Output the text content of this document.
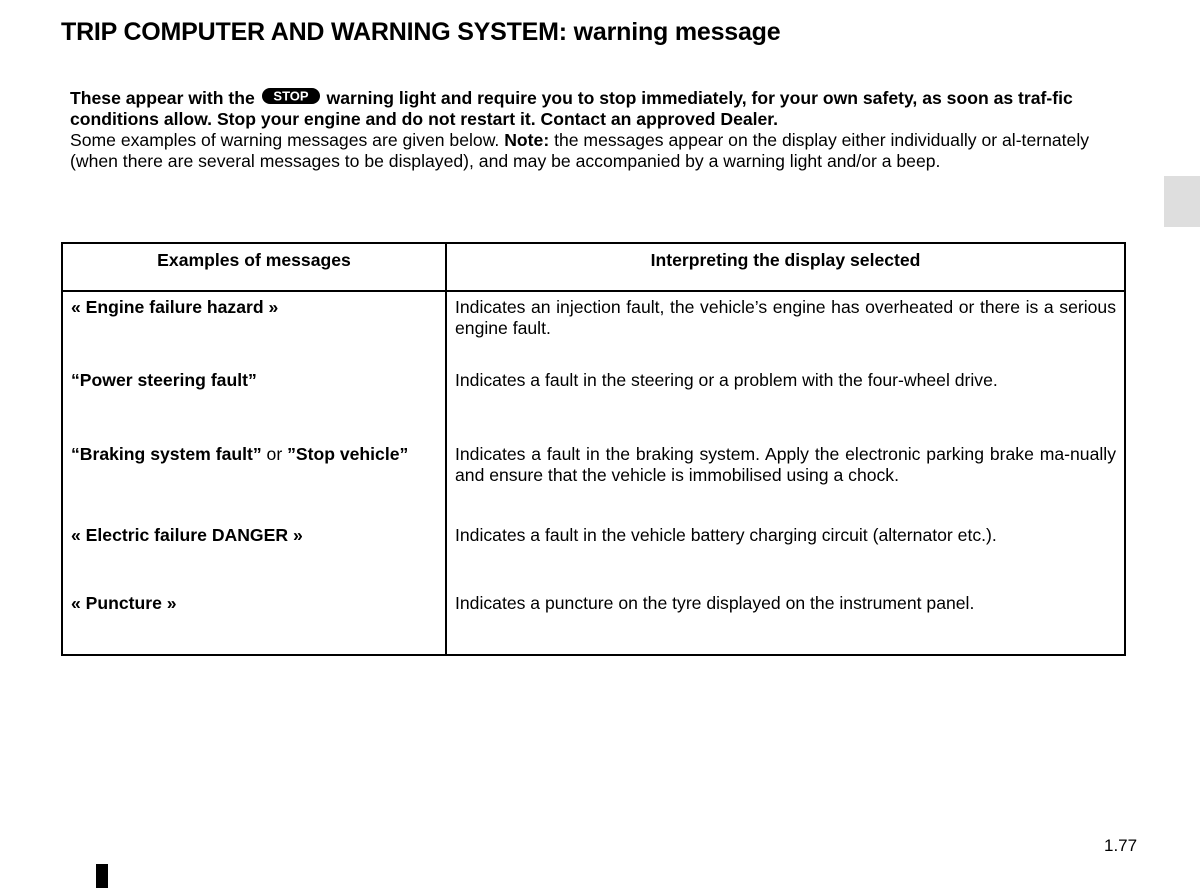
TRIP COMPUTER AND WARNING SYSTEM: warning message

These appear with the STOP warning light and require you to stop immediately, for your own safety, as soon as traf-fic conditions allow. Stop your engine and do not restart it. Contact an approved Dealer.

Some examples of warning messages are given below. Note: the messages appear on the display either individually or al-ternately (when there are several messages to be displayed), and may be accompanied by a warning light and/or a beep.

Examples of messages	Interpreting the display selected
« Engine failure hazard »	Indicates an injection fault, the vehicle’s engine has overheated or there is a serious engine fault.
“Power steering fault”	Indicates a fault in the steering or a problem with the four-wheel drive.
“Braking system fault” or ”Stop vehicle”	Indicates a fault in the braking system. Apply the electronic parking brake ma-nually and ensure that the vehicle is immobilised using a chock.
« Electric failure DANGER »	Indicates a fault in the vehicle battery charging circuit (alternator etc.).
« Puncture »	Indicates a puncture on the tyre displayed on the instrument panel.
1.77
